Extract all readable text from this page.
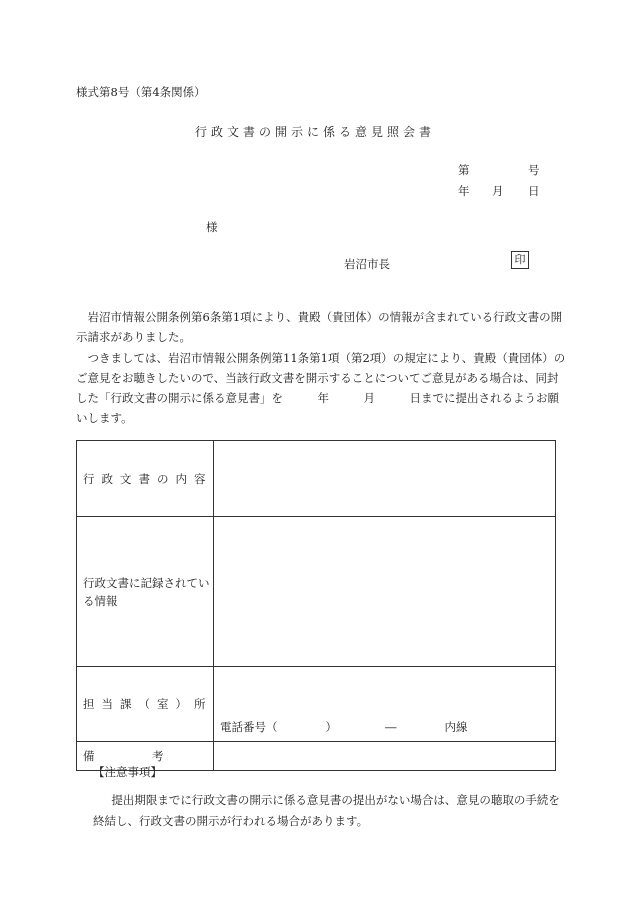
様式第8号（第4条関係）
行政文書の開示に係る意見照会書
第	号
年 月 日
様
岩沼市長	印
岩沼市情報公開条例第6条第1項により、貴殿（貴団体）の情報が含まれている行政文書の開示請求がありました。
つきましては、岩沼市情報公開条例第11条第1項（第2項）の規定により、貴殿（貴団体）のご意見をお聴きしたいので、当該行政文書を開示することについてご意見がある場合は、同封した「行政文書の開示に係る意見書」を　　　年　　　月　　　日までに提出されるようお願いします。
行政文書の内容	
行政文書に記録されている情報	
担当課（室）所	電話番号（ ） ― 内線

備　　　　　考	
【注意事項】
提出期限までに行政文書の開示に係る意見書の提出がない場合は、意見の聴取の手続を終結し、行政文書の開示が行われる場合があります。
